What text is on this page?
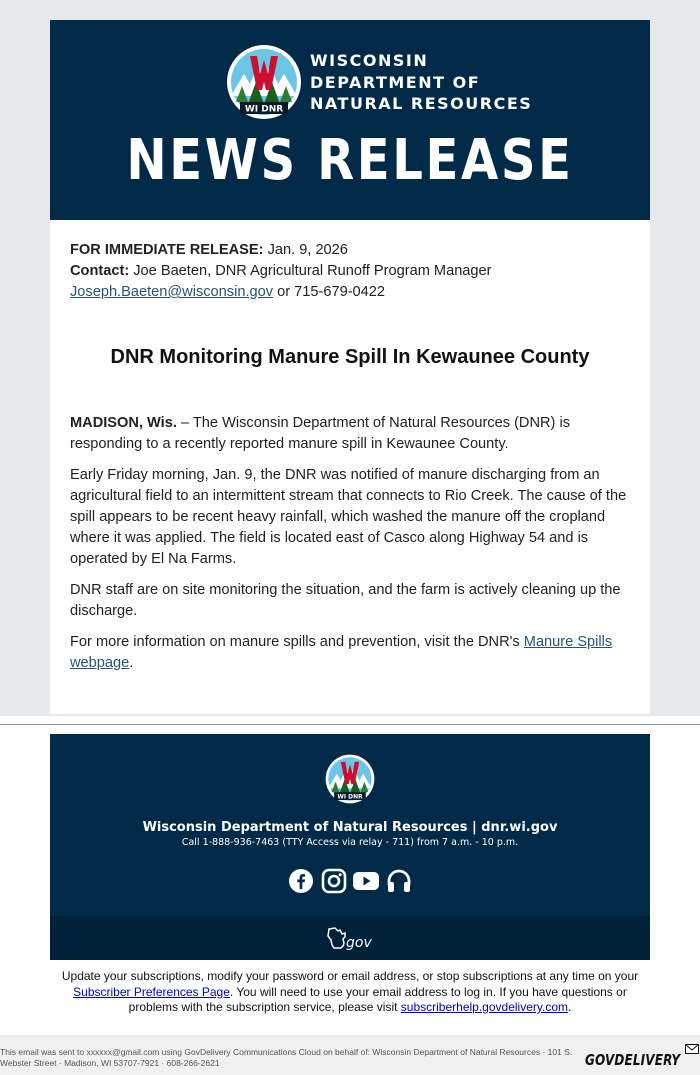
WI DNR
WISCONSIN
DEPARTMENT OF
NATURAL RESOURCES
NEWS RELEASE
FOR IMMEDIATE RELEASE: Jan. 9, 2026
Contact: Joe Baeten, DNR Agricultural Runoff Program Manager
Joseph.Baeten@wisconsin.gov or 715-679-0422
DNR Monitoring Manure Spill In Kewaunee County

MADISON, Wis. – The Wisconsin Department of Natural Resources (DNR) is responding to a recently reported manure spill in Kewaunee County.

Early Friday morning, Jan. 9, the DNR was notified of manure discharging from an agricultural field to an intermittent stream that connects to Rio Creek. The cause of the spill appears to be recent heavy rainfall, which washed the manure off the cropland where it was applied. The field is located east of Casco along Highway 54 and is operated by El Na Farms.

DNR staff are on site monitoring the situation, and the farm is actively cleaning up the discharge.

For more information on manure spills and prevention, visit the DNR's Manure Spills webpage.

WI DNR
Wisconsin Department of Natural Resources | dnr.wi.gov
Call 1-888-936-7463 (TTY Access via relay - 711) from 7 a.m. - 10 p.m.
gov
Update your subscriptions, modify your password or email address, or stop subscriptions at any time on your Subscriber Preferences Page. You will need to use your email address to log in. If you have questions or problems with the subscription service, please visit subscriberhelp.govdelivery.com.
This email was sent to xxxxxx@gmail.com using GovDelivery Communications Cloud on behalf of: Wisconsin Department of Natural Resources · 101 S. Webster Street · Madison, WI 53707-7921 · 608-266-2621	GOVDELIVERY
